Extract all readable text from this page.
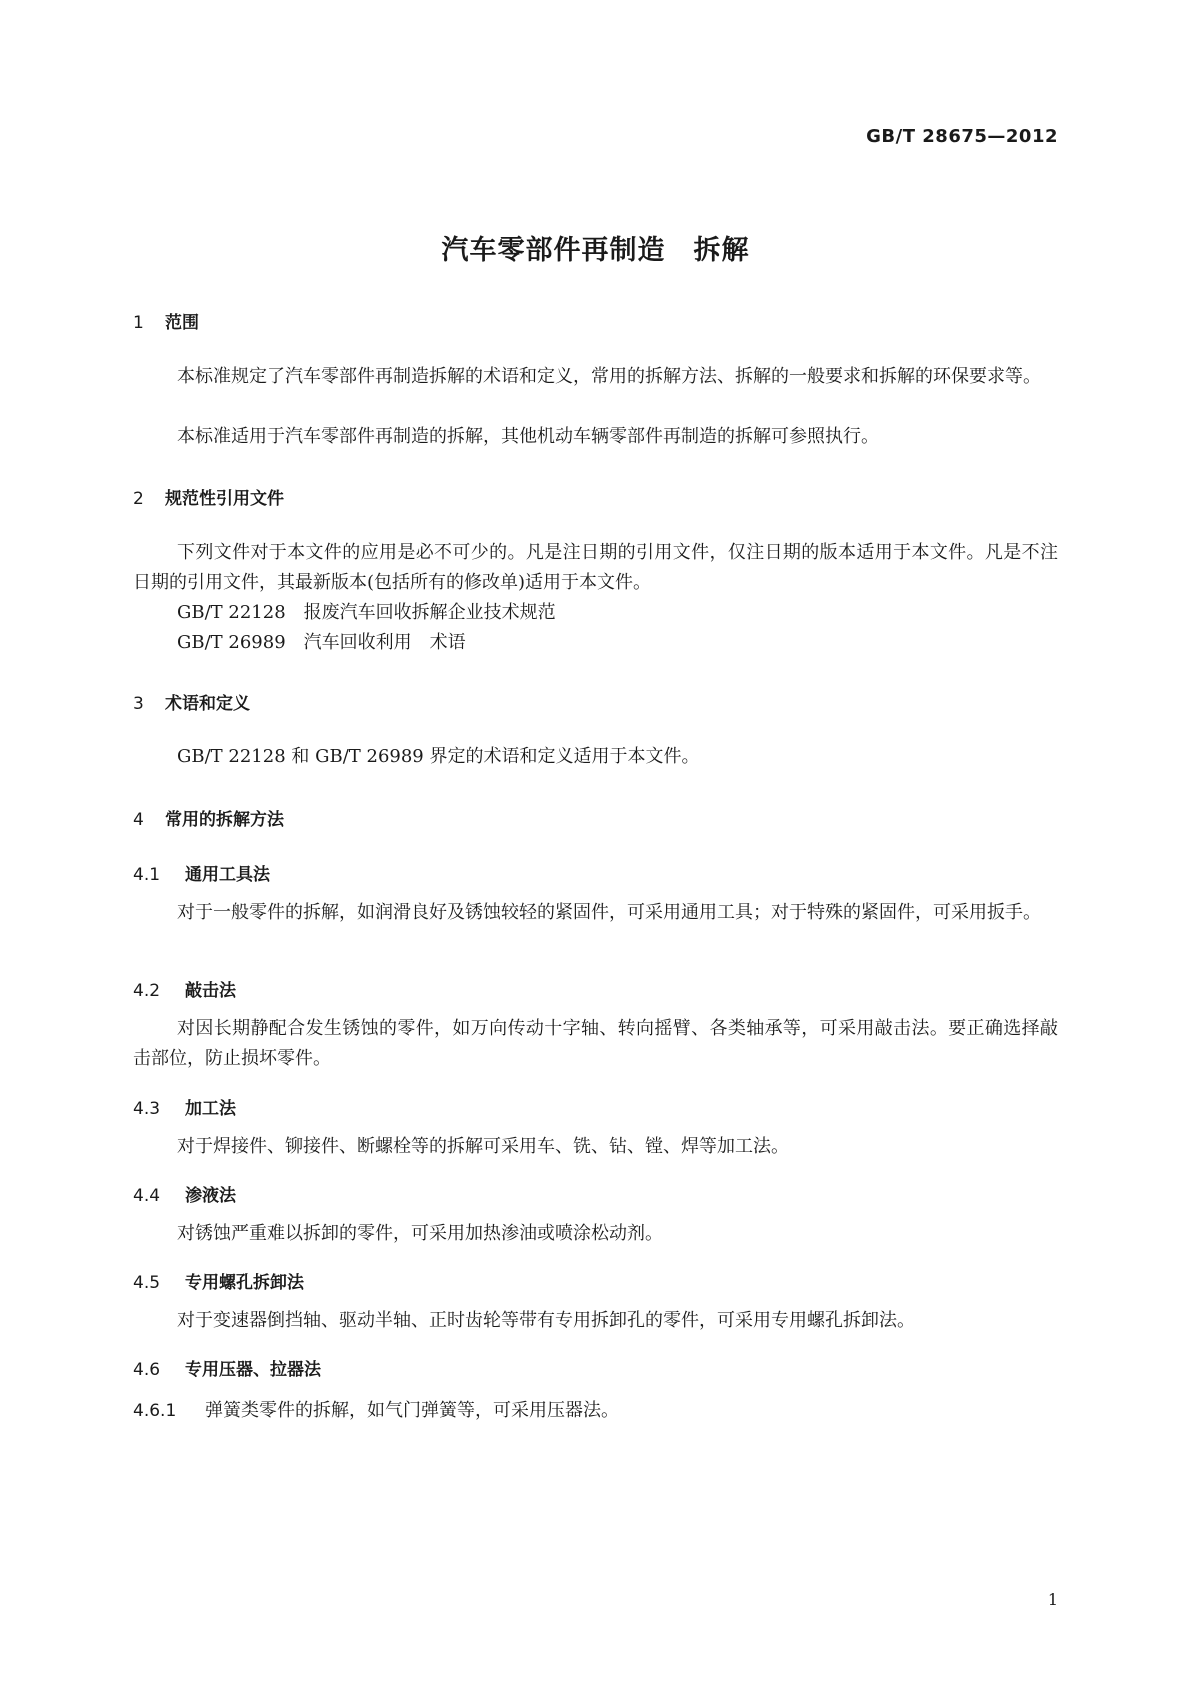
GB/T 28675—2012
汽车零部件再制造　拆解
1 范围
本标准规定了汽车零部件再制造拆解的术语和定义，常用的拆解方法、拆解的一般要求和拆解的环保要求等。
本标准适用于汽车零部件再制造的拆解，其他机动车辆零部件再制造的拆解可参照执行。
2 规范性引用文件
下列文件对于本文件的应用是必不可少的。凡是注日期的引用文件，仅注日期的版本适用于本文件。凡是不注日期的引用文件，其最新版本(包括所有的修改单)适用于本文件。
GB/T 22128　报废汽车回收拆解企业技术规范
GB/T 26989　汽车回收利用　术语
3 术语和定义
GB/T 22128 和 GB/T 26989 界定的术语和定义适用于本文件。
4 常用的拆解方法
4.1 通用工具法
对于一般零件的拆解，如润滑良好及锈蚀较轻的紧固件，可采用通用工具；对于特殊的紧固件，可采用扳手。
4.2 敲击法
对因长期静配合发生锈蚀的零件，如万向传动十字轴、转向摇臂、各类轴承等，可采用敲击法。要正确选择敲击部位，防止损坏零件。
4.3 加工法
对于焊接件、铆接件、断螺栓等的拆解可采用车、铣、钻、镗、焊等加工法。
4.4 渗液法
对锈蚀严重难以拆卸的零件，可采用加热渗油或喷涂松动剂。
4.5 专用螺孔拆卸法
对于变速器倒挡轴、驱动半轴、正时齿轮等带有专用拆卸孔的零件，可采用专用螺孔拆卸法。
4.6 专用压器、拉器法
4.6.1 弹簧类零件的拆解，如气门弹簧等，可采用压器法。
1
